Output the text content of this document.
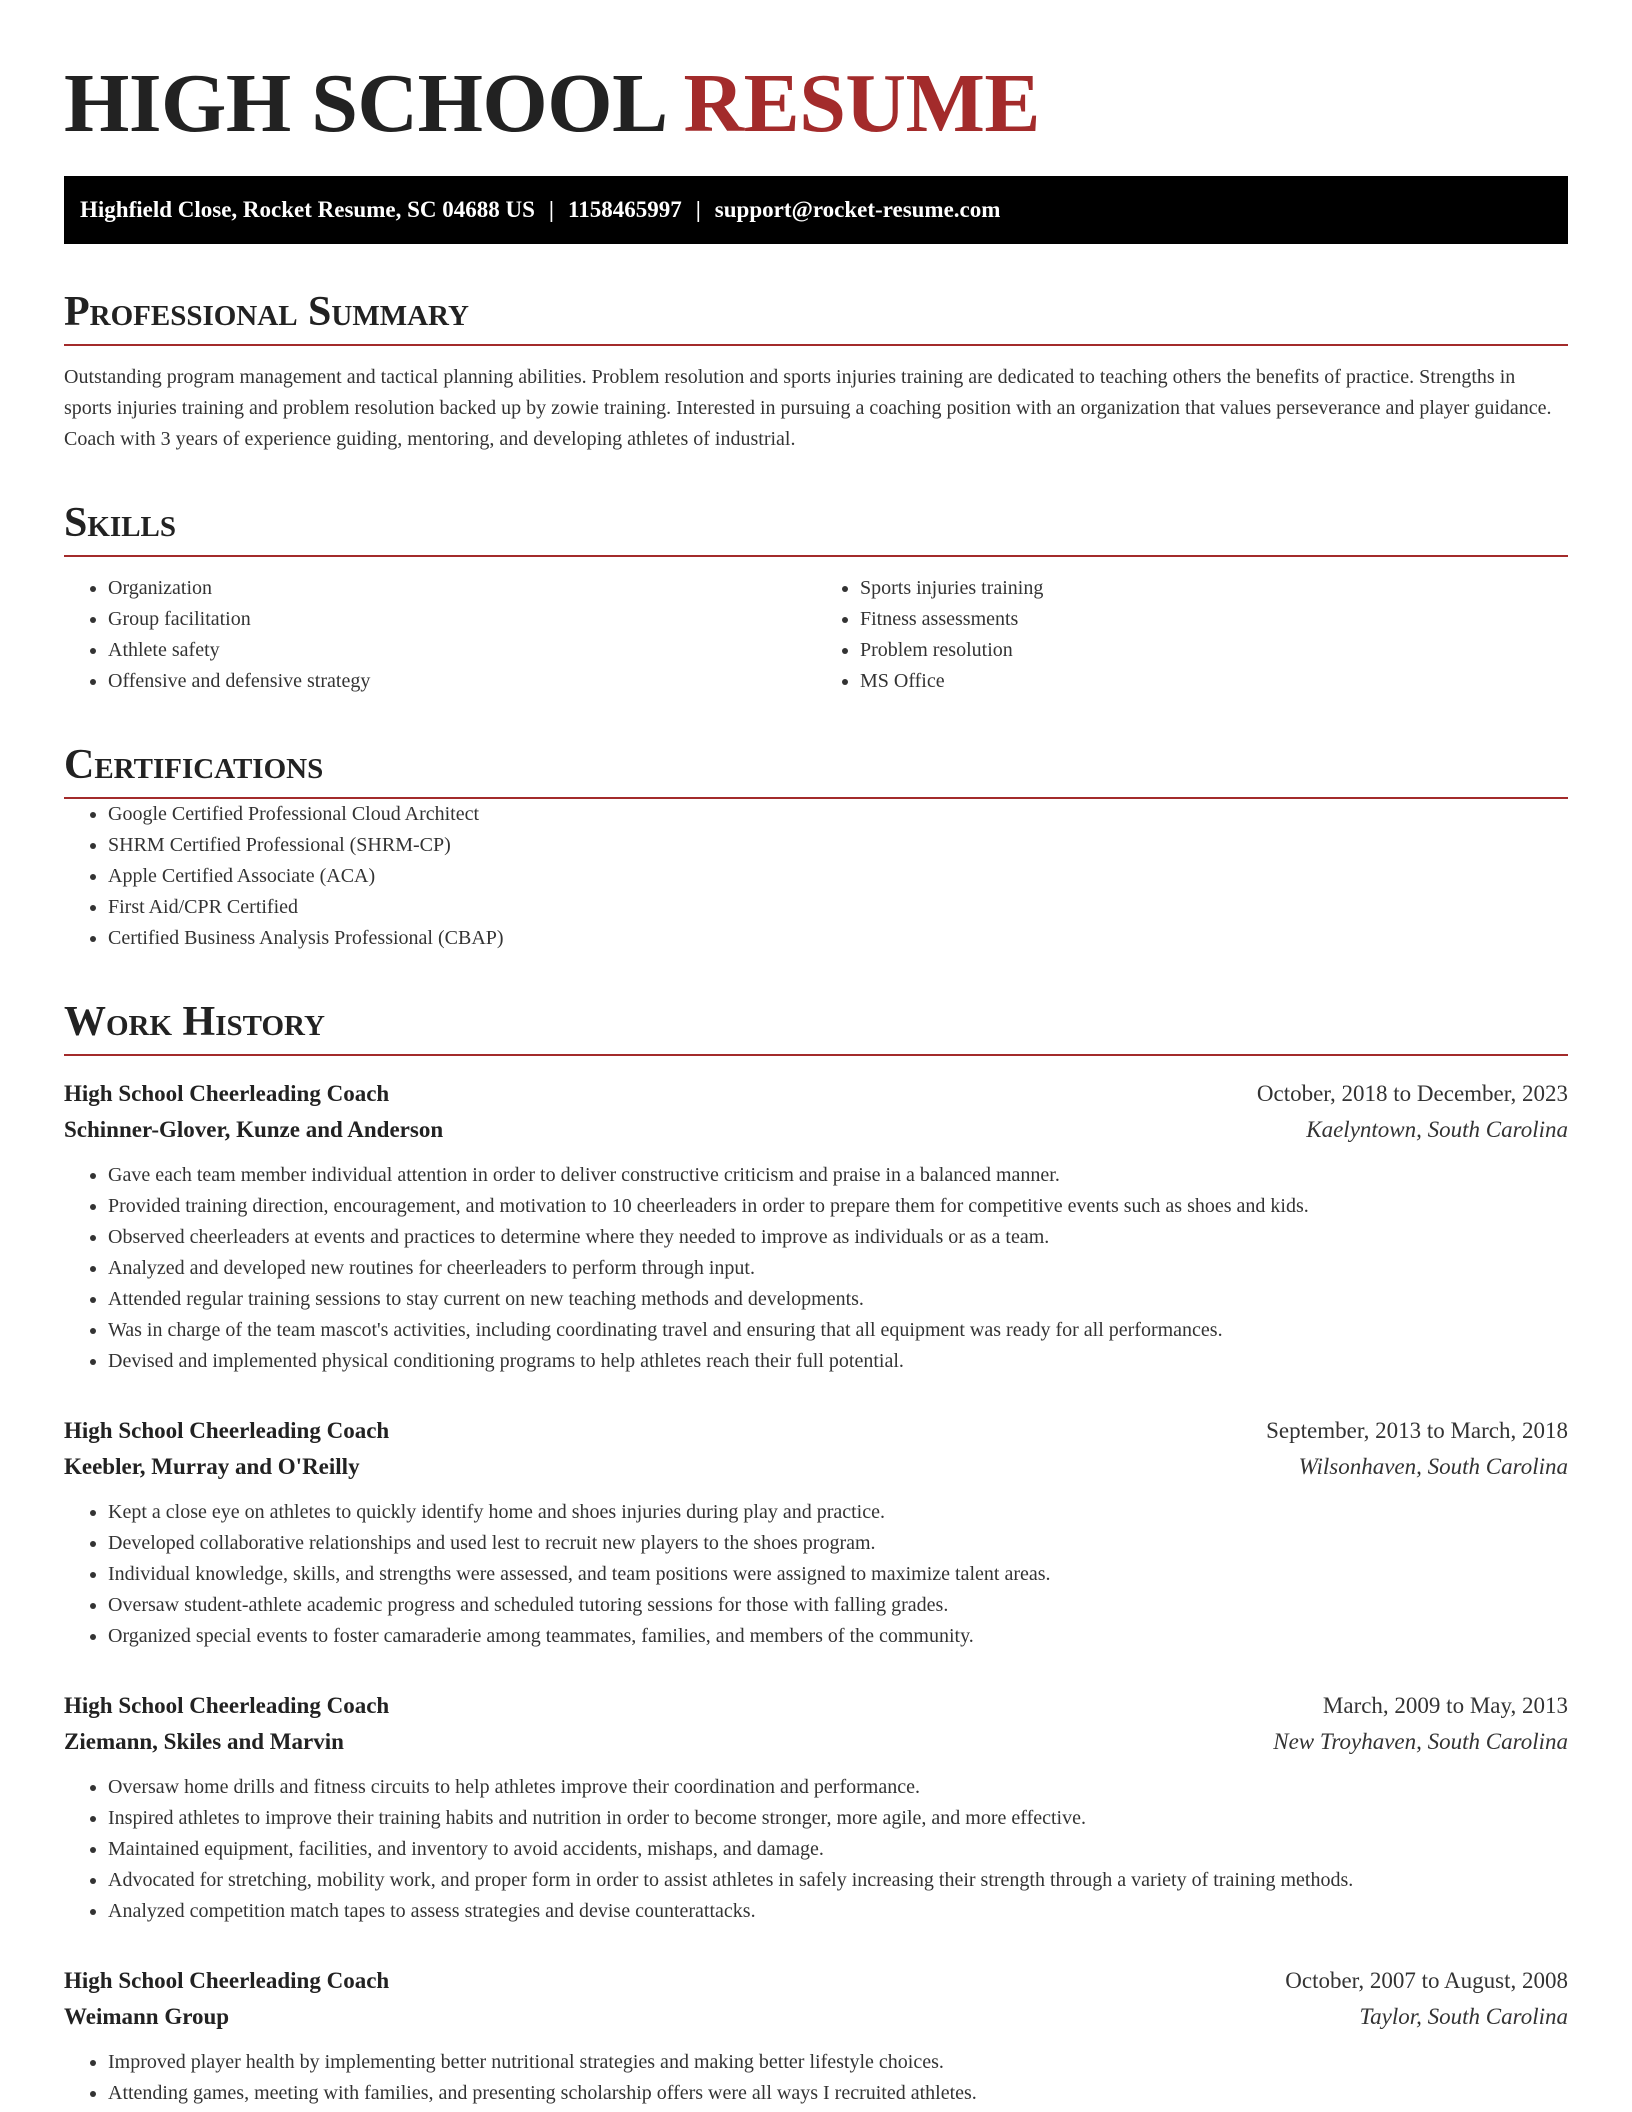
HIGH SCHOOL RESUME
Highfield Close, Rocket Resume, SC 04688 US | 1158465997 | support@rocket-resume.com
Professional Summary

Outstanding program management and tactical planning abilities. Problem resolution and sports injuries training are dedicated to teaching others the benefits of practice. Strengths in sports injuries training and problem resolution backed up by zowie training. Interested in pursuing a coaching position with an organization that values perseverance and player guidance. Coach with 3 years of experience guiding, mentoring, and developing athletes of industrial.

Skills
• Organization
• Group facilitation
• Athlete safety
• Offensive and defensive strategy
• Sports injuries training
• Fitness assessments
• Problem resolution
• MS Office
Certifications
• Google Certified Professional Cloud Architect
• SHRM Certified Professional (SHRM-CP)
• Apple Certified Associate (ACA)
• First Aid/CPR Certified
• Certified Business Analysis Professional (CBAP)
Work History
High School Cheerleading Coach	October, 2018 to December, 2023
Schinner-Glover, Kunze and Anderson	Kaelyntown, South Carolina
• Gave each team member individual attention in order to deliver constructive criticism and praise in a balanced manner.
• Provided training direction, encouragement, and motivation to 10 cheerleaders in order to prepare them for competitive events such as shoes and kids.
• Observed cheerleaders at events and practices to determine where they needed to improve as individuals or as a team.
• Analyzed and developed new routines for cheerleaders to perform through input.
• Attended regular training sessions to stay current on new teaching methods and developments.
• Was in charge of the team mascot's activities, including coordinating travel and ensuring that all equipment was ready for all performances.
• Devised and implemented physical conditioning programs to help athletes reach their full potential.
High School Cheerleading Coach	September, 2013 to March, 2018
Keebler, Murray and O'Reilly	Wilsonhaven, South Carolina
• Kept a close eye on athletes to quickly identify home and shoes injuries during play and practice.
• Developed collaborative relationships and used lest to recruit new players to the shoes program.
• Individual knowledge, skills, and strengths were assessed, and team positions were assigned to maximize talent areas.
• Oversaw student-athlete academic progress and scheduled tutoring sessions for those with falling grades.
• Organized special events to foster camaraderie among teammates, families, and members of the community.
High School Cheerleading Coach	March, 2009 to May, 2013
Ziemann, Skiles and Marvin	New Troyhaven, South Carolina
• Oversaw home drills and fitness circuits to help athletes improve their coordination and performance.
• Inspired athletes to improve their training habits and nutrition in order to become stronger, more agile, and more effective.
• Maintained equipment, facilities, and inventory to avoid accidents, mishaps, and damage.
• Advocated for stretching, mobility work, and proper form in order to assist athletes in safely increasing their strength through a variety of training methods.
• Analyzed competition match tapes to assess strategies and devise counterattacks.
High School Cheerleading Coach	October, 2007 to August, 2008
Weimann Group	Taylor, South Carolina
• Improved player health by implementing better nutritional strategies and making better lifestyle choices.
• Attending games, meeting with families, and presenting scholarship offers were all ways I recruited athletes.
